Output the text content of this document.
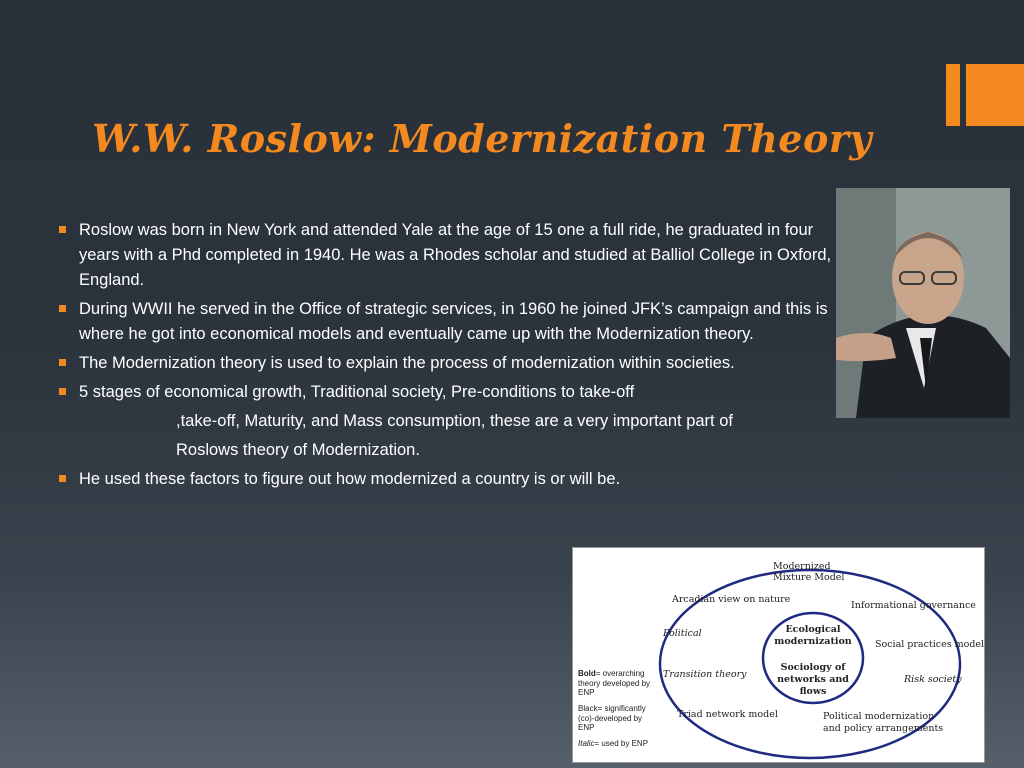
W.W. Roslow: Modernization Theory
Roslow was born in New York and attended Yale at the age of 15 one a full ride, he graduated in four years with a Phd completed in 1940. He was a Rhodes scholar and studied at Balliol College in Oxford, England.
During WWII he served in the Office of strategic services, in 1960 he joined JFK’s campaign and this is where he got into economical models and eventually came up with the Modernization theory.
The Modernization theory is used to explain the process of modernization within societies.
5 stages of economical growth, Traditional society, Pre-conditions to take-off
,take-off, Maturity, and Mass consumption, these are a very important part of
Roslows theory of Modernization.
He used these factors to figure out how modernized a country is or will be.
Modernized
Mixture Model
Arcadian view on nature
Informational governance
Political
Social practices model
Transition theory	Risk society
Triad network model	Political modernization
and policy arrangements
Ecological
modernization
Sociology of
networks and
flows
Bold= overarching theory developed by ENP
Black= significantly (co)-developed by ENP
Italic= used by ENP
